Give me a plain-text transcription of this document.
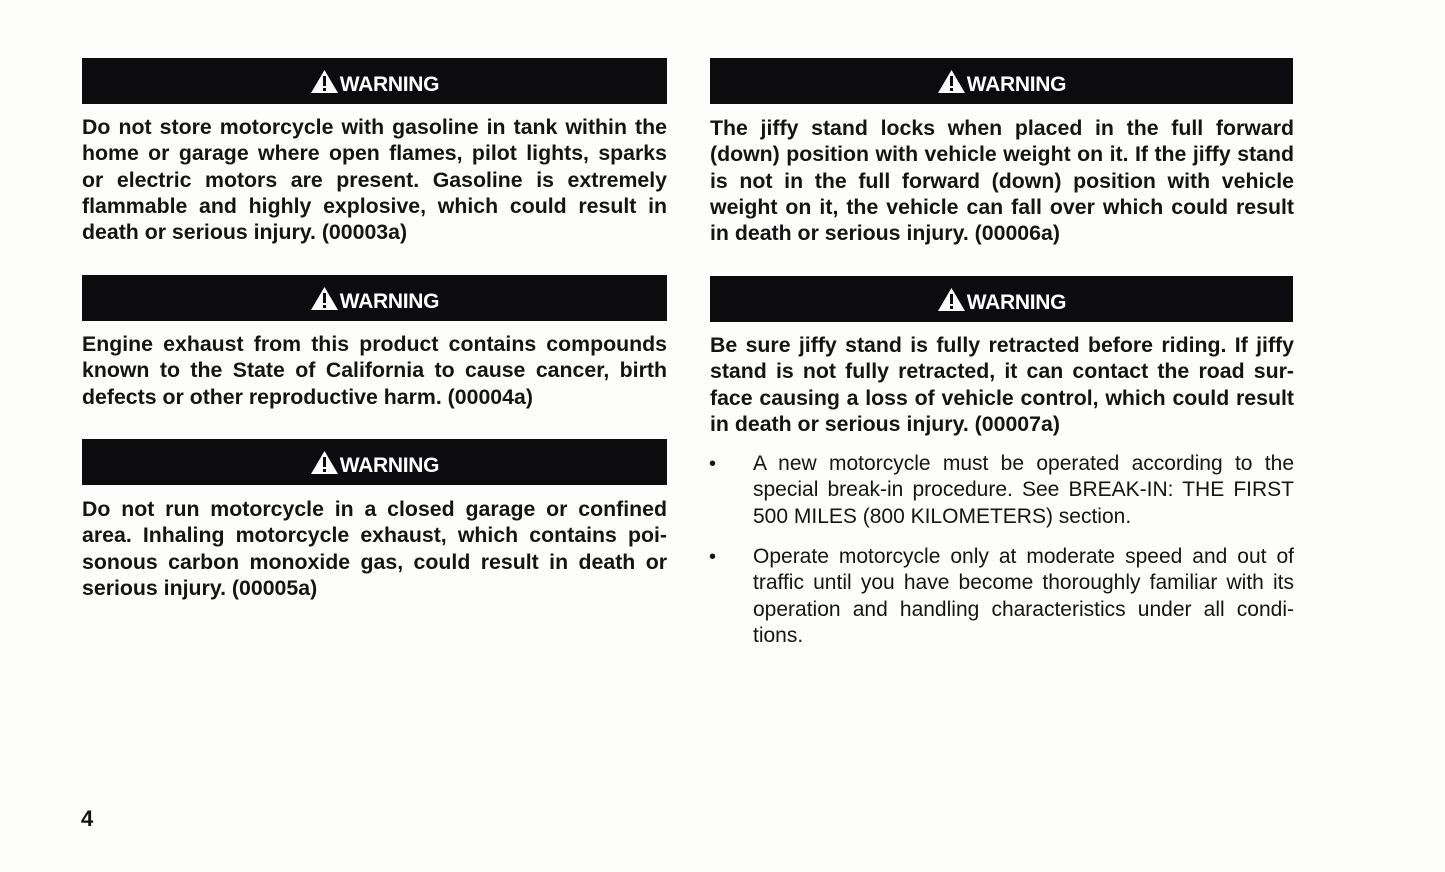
WARNING
Do not store motorcycle with gasoline in tank within the
home or garage where open flames, pilot lights, sparks
or electric motors are present. Gasoline is extremely
flammable and highly explosive, which could result in
death or serious injury. (00003a)
WARNING
Engine exhaust from this product contains compounds
known to the State of California to cause cancer, birth
defects or other reproductive harm. (00004a)
WARNING
Do not run motorcycle in a closed garage or confined
area. Inhaling motorcycle exhaust, which contains poi-
sonous carbon monoxide gas, could result in death or
serious injury. (00005a)
WARNING
The jiffy stand locks when placed in the full forward
(down) position with vehicle weight on it. If the jiffy stand
is not in the full forward (down) position with vehicle
weight on it, the vehicle can fall over which could result
in death or serious injury. (00006a)
WARNING
Be sure jiffy stand is fully retracted before riding. If jiffy
stand is not fully retracted, it can contact the road sur-
face causing a loss of vehicle control, which could result
in death or serious injury. (00007a)
• A new motorcycle must be operated according to the
special break-in procedure. See BREAK-IN: THE FIRST
500 MILES (800 KILOMETERS) section.
• Operate motorcycle only at moderate speed and out of
traffic until you have become thoroughly familiar with its
operation and handling characteristics under all condi-
tions.
4
